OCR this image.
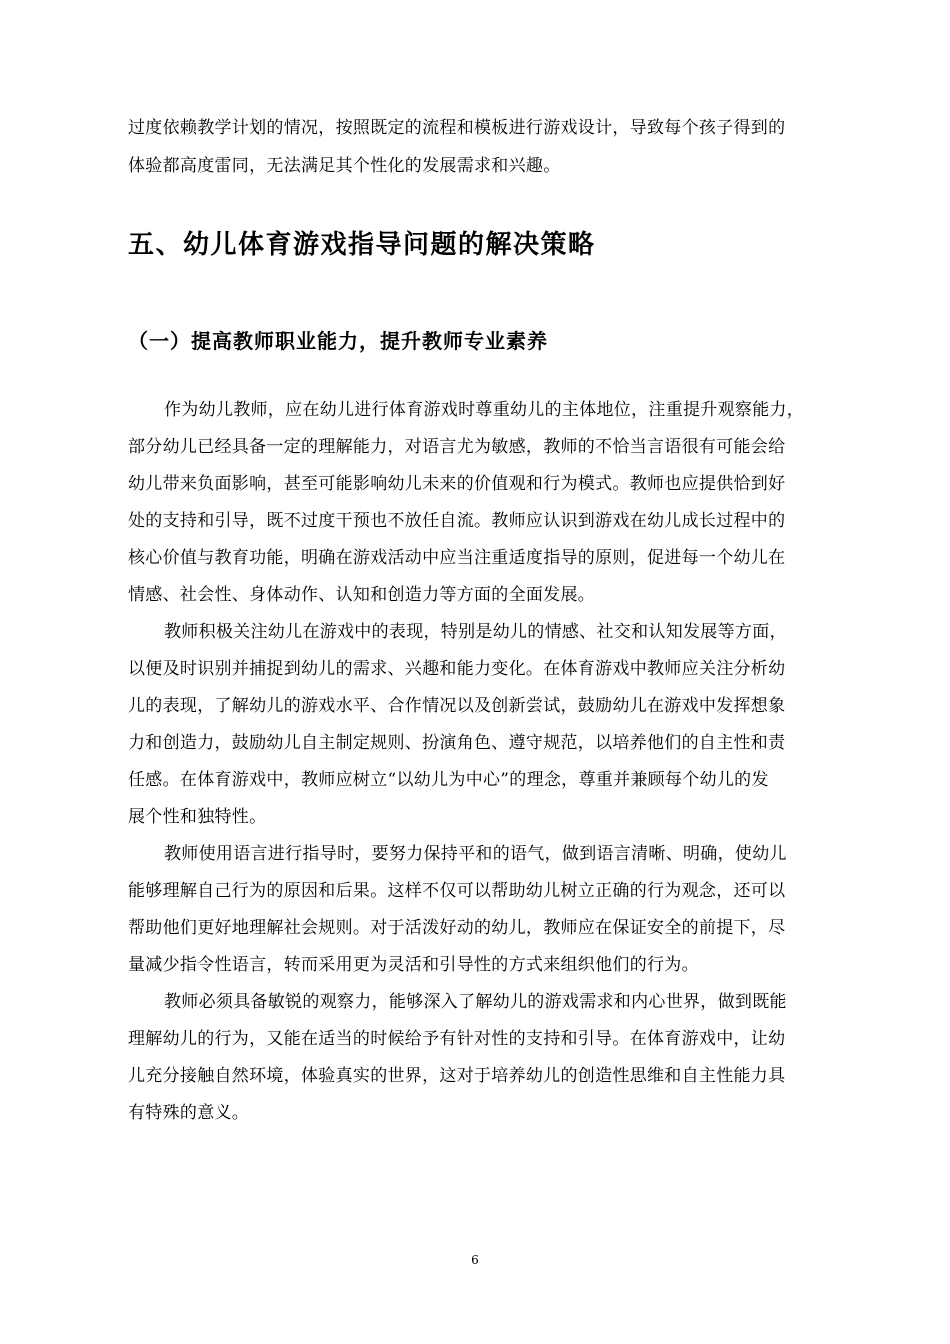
过度依赖教学计划的情况，按照既定的流程和模板进行游戏设计，导致每个孩子得到的
体验都高度雷同，无法满足其个性化的发展需求和兴趣。
五、幼儿体育游戏指导问题的解决策略
（一）提高教师职业能力，提升教师专业素养
作为幼儿教师，应在幼儿进行体育游戏时尊重幼儿的主体地位，注重提升观察能力，
部分幼儿已经具备一定的理解能力，对语言尤为敏感，教师的不恰当言语很有可能会给
幼儿带来负面影响，甚至可能影响幼儿未来的价值观和行为模式。教师也应提供恰到好
处的支持和引导，既不过度干预也不放任自流。教师应认识到游戏在幼儿成长过程中的
核心价值与教育功能，明确在游戏活动中应当注重适度指导的原则，促进每一个幼儿在
情感、社会性、身体动作、认知和创造力等方面的全面发展。
教师积极关注幼儿在游戏中的表现，特别是幼儿的情感、社交和认知发展等方面，
以便及时识别并捕捉到幼儿的需求、兴趣和能力变化。在体育游戏中教师应关注分析幼
儿的表现，了解幼儿的游戏水平、合作情况以及创新尝试，鼓励幼儿在游戏中发挥想象
力和创造力，鼓励幼儿自主制定规则、扮演角色、遵守规范，以培养他们的自主性和责
任感。在体育游戏中，教师应树立“以幼儿为中心”的理念，尊重并兼顾每个幼儿的发
展个性和独特性。
教师使用语言进行指导时，要努力保持平和的语气，做到语言清晰、明确，使幼儿
能够理解自己行为的原因和后果。这样不仅可以帮助幼儿树立正确的行为观念，还可以
帮助他们更好地理解社会规则。对于活泼好动的幼儿，教师应在保证安全的前提下，尽
量减少指令性语言，转而采用更为灵活和引导性的方式来组织他们的行为。
教师必须具备敏锐的观察力，能够深入了解幼儿的游戏需求和内心世界，做到既能
理解幼儿的行为，又能在适当的时候给予有针对性的支持和引导。在体育游戏中，让幼
儿充分接触自然环境，体验真实的世界，这对于培养幼儿的创造性思维和自主性能力具
有特殊的意义。
6
